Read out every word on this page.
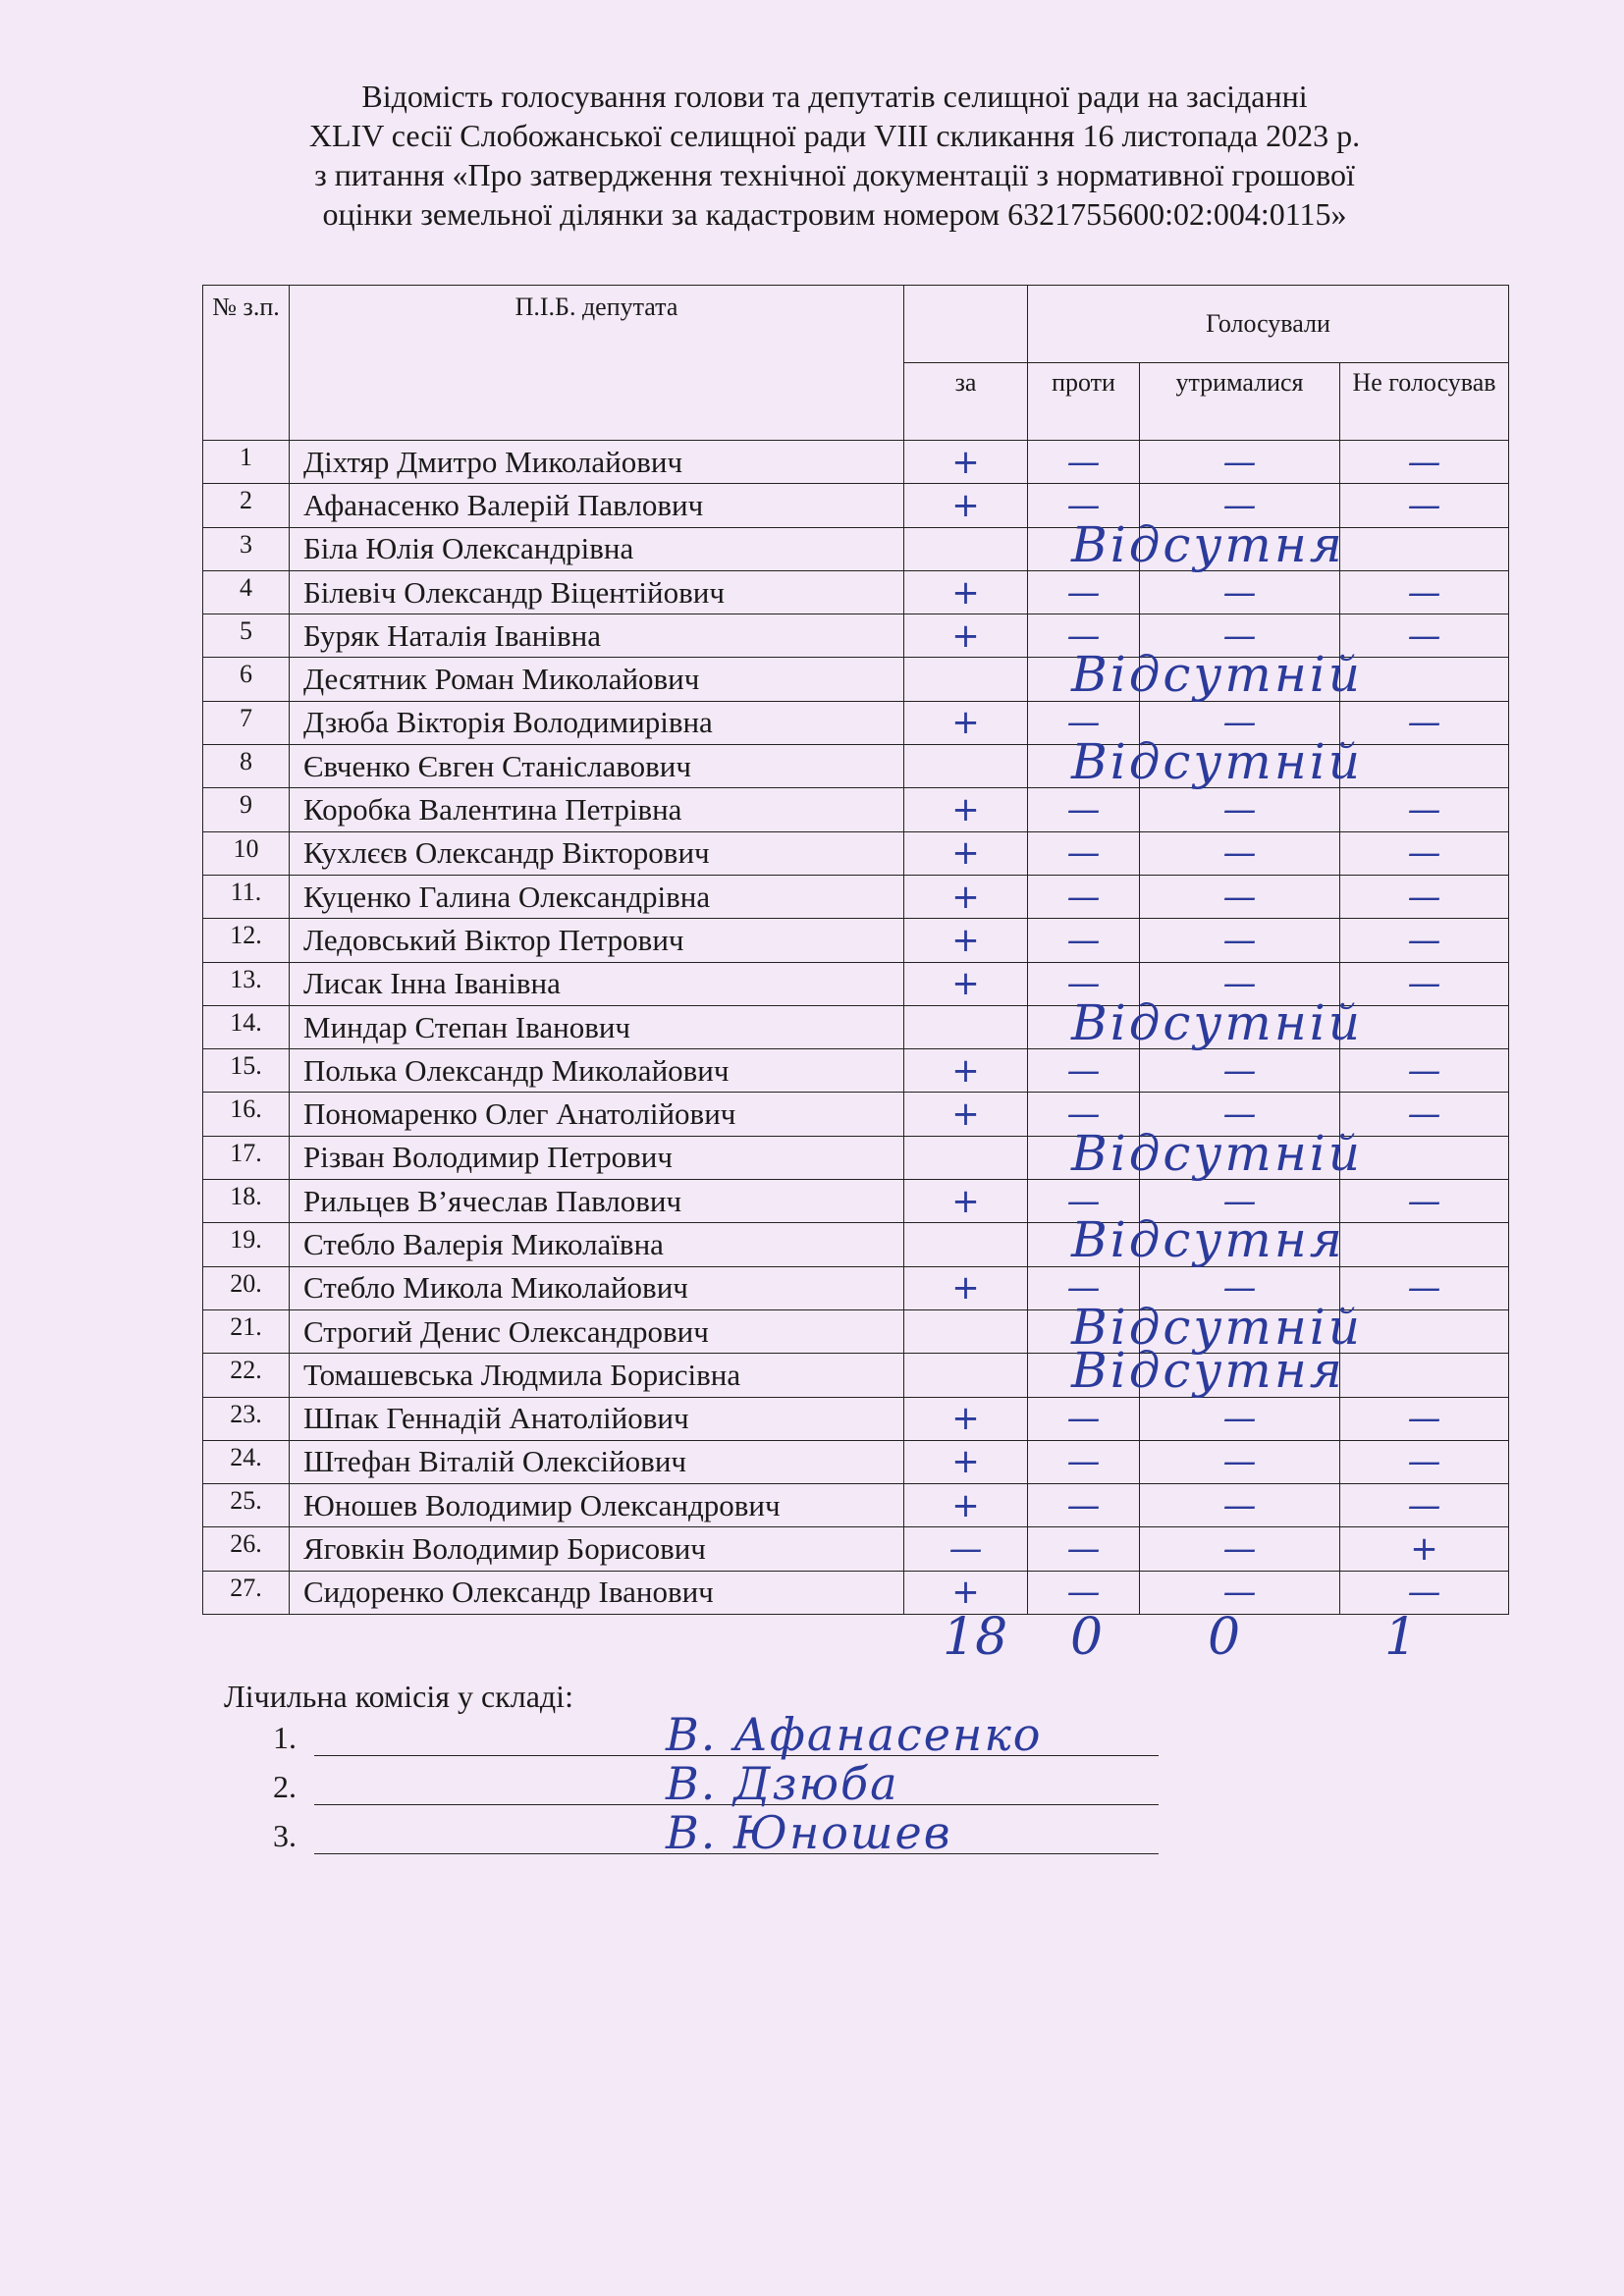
Відомість голосування голови та депутатів селищної ради на засіданні
XLIV сесії Слобожанської селищної ради VIII скликання 16 листопада 2023 р.
з питання «Про затвердження технічної документації з нормативної грошової
оцінки земельної ділянки за кадастровим номером 6321755600:02:004:0115»
№ з.п.	П.І.Б. депутата		Голосували		
		за	проти	утрималися	Не голосував
1	Діхтяр Дмитро Миколайович	+	—	—	—
2	Афанасенко Валерій Павлович	+	—	—	—
3	Біла Юлія Олександрівна	Відсутня			

4	Білевіч Олександр Віцентійович	+	—	—	—
5	Буряк Наталія Іванівна	+	—	—	—
6	Десятник Роман Миколайович	Відсутній			

7	Дзюба Вікторія Володимирівна	+	—	—	—
8	Євченко Євген Станіславович	Відсутній			

9	Коробка Валентина Петрівна	+	—	—	—
10	Кухлєєв Олександр Вікторович	+	—	—	—
11.	Куценко Галина Олександрівна	+	—	—	—
12.	Ледовський Віктор Петрович	+	—	—	—
13.	Лисак Інна Іванівна	+	—	—	—
14.	Миндар Степан Іванович	Відсутній			

15.	Полька Олександр Миколайович	+	—	—	—
16.	Пономаренко Олег Анатолійович	+	—	—	—
17.	Різван Володимир Петрович	Відсутній			

18.	Рильцев В’ячеслав Павлович	+	—	—	—
19.	Стебло Валерія Миколаївна	Відсутня			

20.	Стебло Микола Миколайович	+	—	—	—
21.	Строгий Денис Олександрович	Відсутній			

22.	Томашевська Людмила Борисівна	Відсутня			

23.	Шпак Геннадій Анатолійович	+	—	—	—
24.	Штефан Віталій Олексійович	+	—	—	—
25.	Юношев Володимир Олександрович	+	—	—	—
26.	Яговкін Володимир Борисович	—	—	—	+
27.	Сидоренко Олександр Іванович	+	—	—	—
18 0 0	1
Лічильна комісія у складі:
1.	В. Афанасенко
2.	В. Дзюба
3.	В. Юношев
